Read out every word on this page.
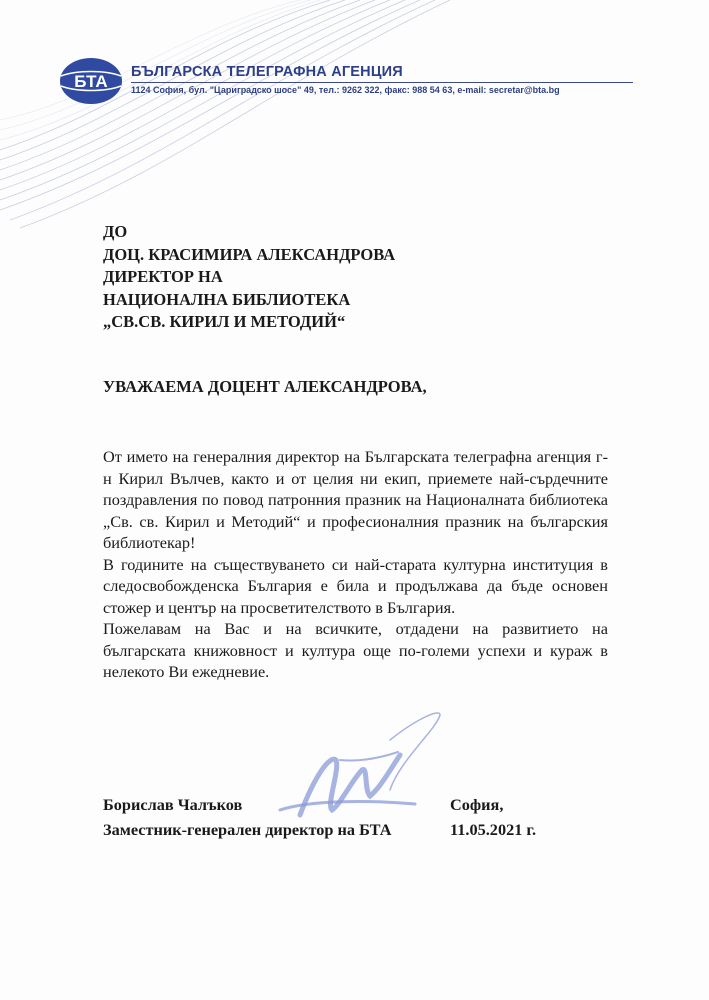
БТА БЪЛГАРСКА ТЕЛЕГРАФНА АГЕНЦИЯ
1124 София, бул. "Цариградско шосе" 49, тел.: 9262 322, факс: 988 54 63, e-mail: secretar@bta.bg
ДО
ДОЦ. КРАСИМИРА АЛЕКСАНДРОВА
ДИРЕКТОР НА
НАЦИОНАЛНА БИБЛИОТЕКА
„СВ.СВ. КИРИЛ И МЕТОДИЙ“
УВАЖАЕМА ДОЦЕНТ АЛЕКСАНДРОВА,

От името на генералния директор на Българската телеграфна агенция г-н Кирил Вълчев, както и от целия ни екип, приемете най-сърдечните поздравления по повод патронния празник на Националната библиотека „Св. св. Кирил и Методий“ и професионалния празник на българския библиотекар!

В годините на съществуването си най-старата културна институция в следосвобожденска България е била и продължава да бъде основен стожер и център на просветителството в България.

Пожелавам на Вас и на всичките, отдадени на развитието на българската книжовност и култура още по-големи успехи и кураж в нелекото Ви ежедневие.

Борислав Чалъков
Заместник-генерален директор на БТА
София,
11.05.2021 г.
